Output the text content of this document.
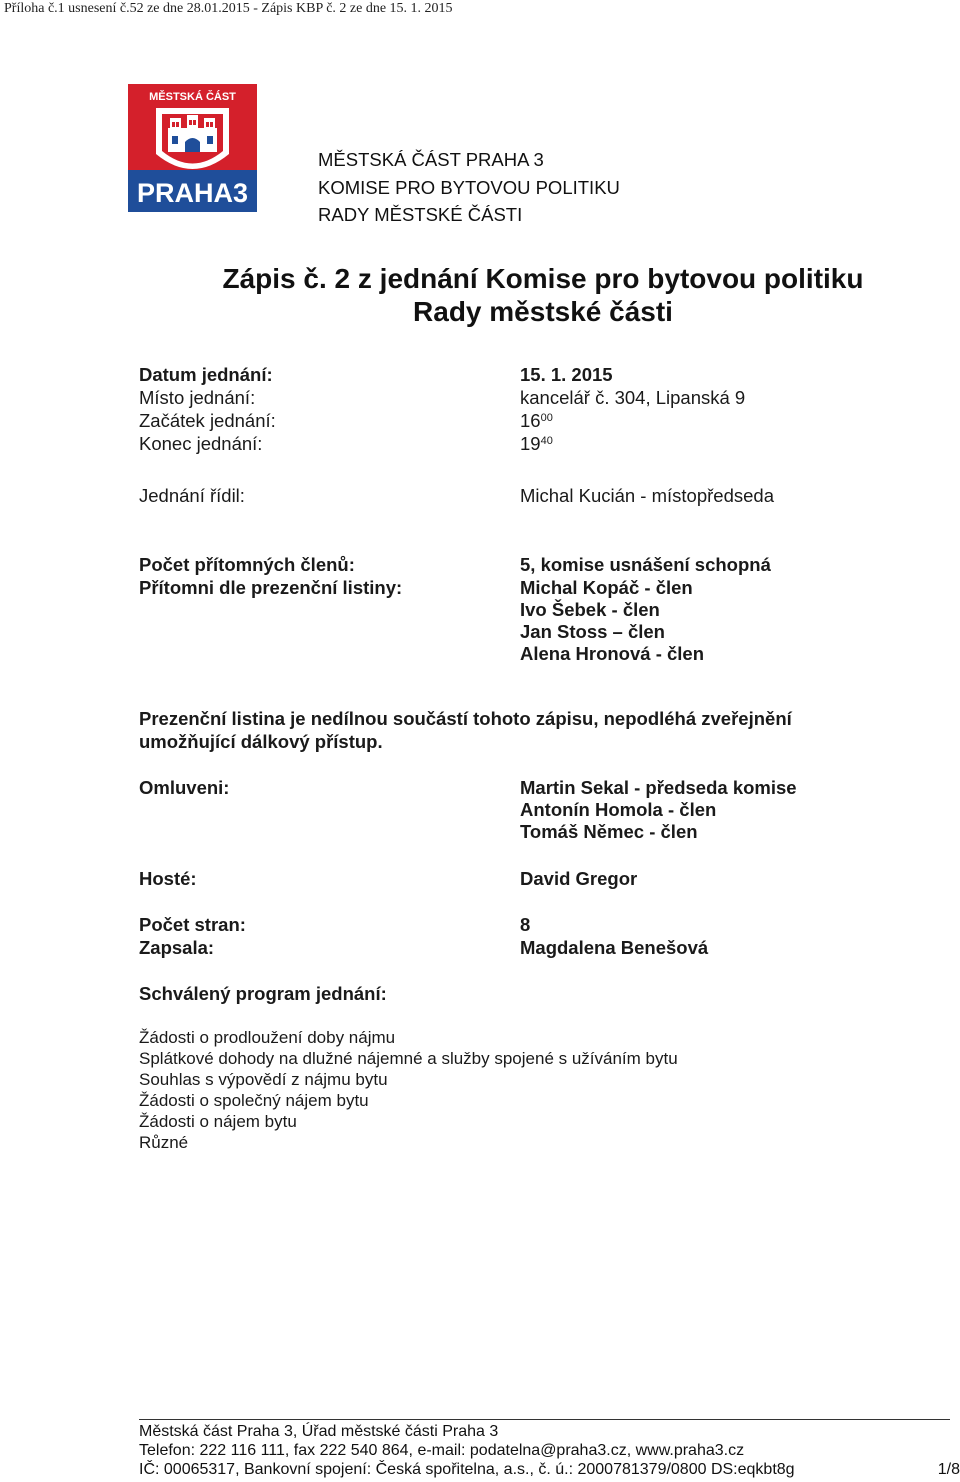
Příloha č.1 usnesení č.52 ze dne 28.01.2015 - Zápis KBP č. 2 ze dne 15. 1. 2015
MĚSTSKÁ ČÁST
PRAHA3
MĚSTSKÁ ČÁST PRAHA 3
KOMISE PRO BYTOVOU POLITIKU
RADY MĚSTSKÉ ČÁSTI
Zápis č. 2 z jednání Komise pro bytovou politiku
Rady městské části
Datum jednání:	15. 1. 2015
Místo jednání:	kancelář č. 304, Lipanská 9
Začátek jednání:	$16^{00}$
Konec jednání:	$19^{40}$
Jednání řídil:	Michal Kucián - místopředseda
Počet přítomných členů:	5, komise usnášení schopná
Přítomni dle prezenční listiny:	Michal Kopáč - člen
Ivo Šebek - člen
Jan Stoss – člen
Alena Hronová - člen
Prezenční listina je nedílnou součástí tohoto zápisu, nepodléhá zveřejnění umožňující dálkový přístup.
Omluveni:	Martin Sekal - předseda komise
Antonín Homola - člen
Tomáš Němec - člen
Hosté:	David Gregor
Počet stran:	8
Zapsala:	Magdalena Benešová
Schválený program jednání:
Žádosti o prodloužení doby nájmu
Splátkové dohody na dlužné nájemné a služby spojené s užíváním bytu
Souhlas s výpovědí z nájmu bytu
Žádosti o společný nájem bytu
Žádosti o nájem bytu
Různé
Městská část Praha 3, Úřad městské části Praha 3
Telefon: 222 116 111, fax 222 540 864, e-mail: podatelna@praha3.cz, www.praha3.cz
IČ: 00065317, Bankovní spojení: Česká spořitelna, a.s., č. ú.: 2000781379/0800 DS:eqkbt8g	1/8
